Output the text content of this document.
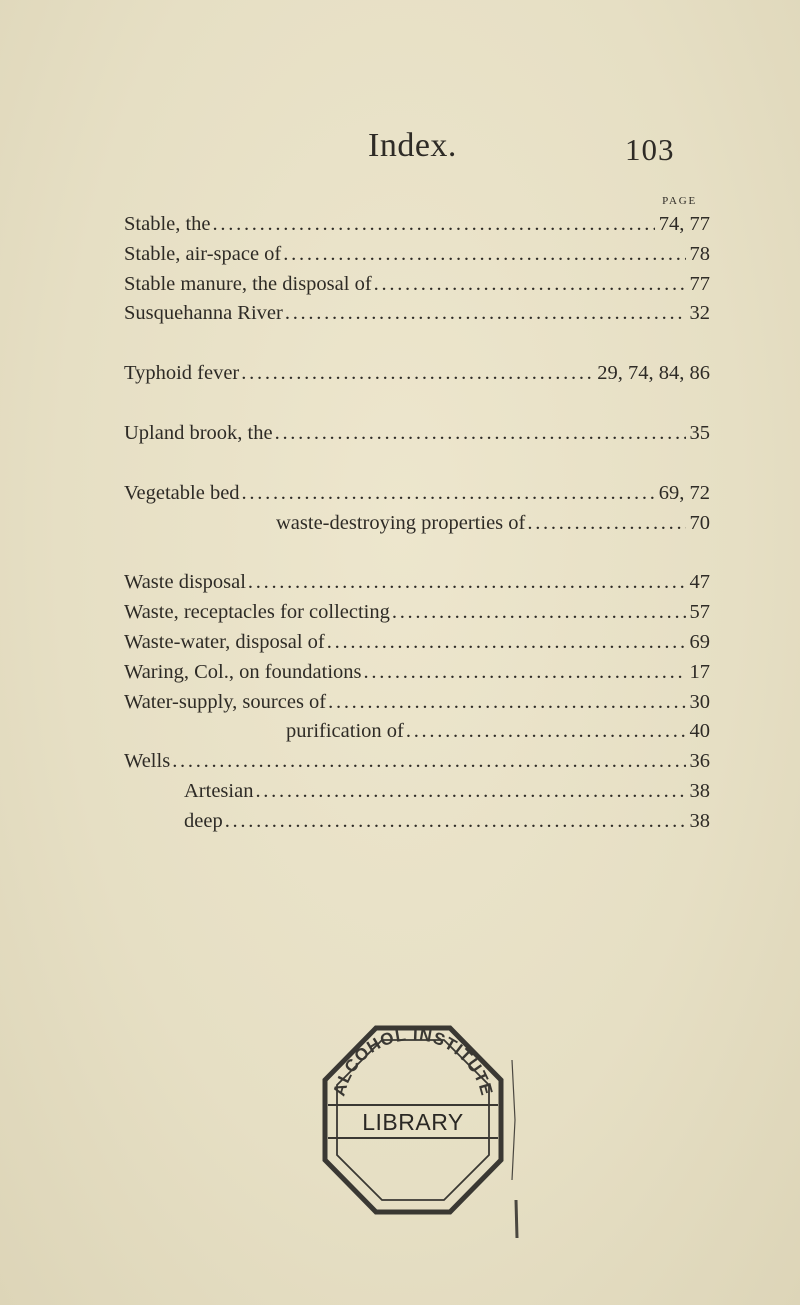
Index.	103
PAGE
Stable, the . . .	74, 77
Stable, air-space of . . .	78
Stable manure, the disposal of . . .	77
Susquehanna River . . .	32
Typhoid fever . . .	29, 74, 84, 86
Upland brook, the . . .	35
Vegetable bed . . .	69, 72
waste-destroying properties of . . .	70
Waste disposal . . .	47
Waste, receptacles for collecting . . .	57
Waste-water, disposal of . . .	69
Waring, Col., on foundations . . .	17
Water-supply, sources of . . .	30
purification of . . .	40
Wells . . .	36
Artesian . . .	38
deep . . .	38
ALCOHOL INSTITUTE
LIBRARY
